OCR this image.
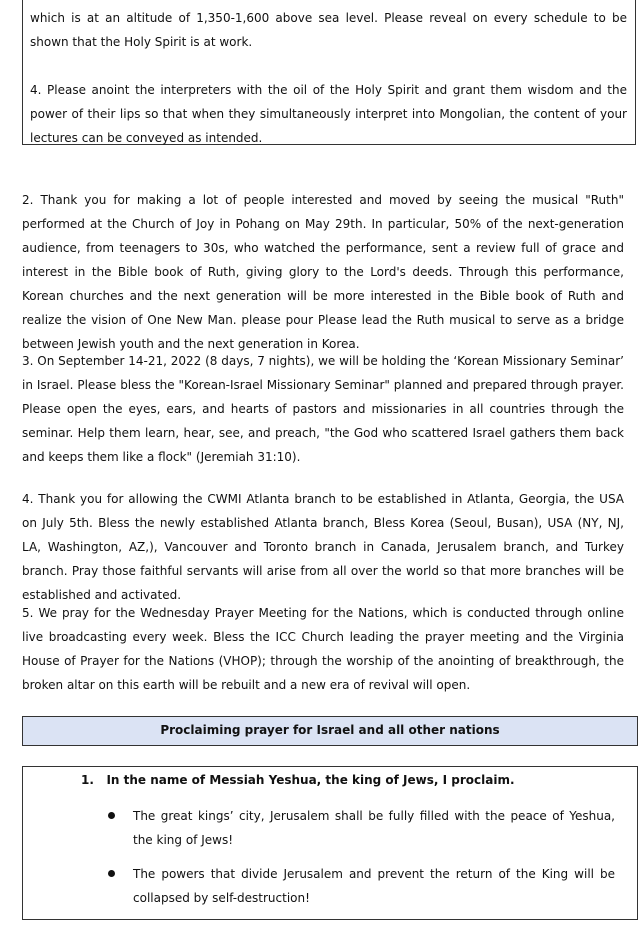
which is at an altitude of 1,350-1,600 above sea level. Please reveal on every schedule to be shown that the Holy Spirit is at work.

4. Please anoint the interpreters with the oil of the Holy Spirit and grant them wisdom and the power of their lips so that when they simultaneously interpret into Mongolian, the content of your lectures can be conveyed as intended.

2. Thank you for making a lot of people interested and moved by seeing the musical "Ruth" performed at the Church of Joy in Pohang on May 29th. In particular, 50% of the next-generation audience, from teenagers to 30s, who watched the performance, sent a review full of grace and interest in the Bible book of Ruth, giving glory to the Lord's deeds. Through this performance, Korean churches and the next generation will be more interested in the Bible book of Ruth and realize the vision of One New Man. please pour Please lead the Ruth musical to serve as a bridge between Jewish youth and the next generation in Korea.

3. On September 14-21, 2022 (8 days, 7 nights), we will be holding the ‘Korean Missionary Seminar’ in Israel. Please bless the "Korean-Israel Missionary Seminar" planned and prepared through prayer. Please open the eyes, ears, and hearts of pastors and missionaries in all countries through the seminar. Help them learn, hear, see, and preach, "the God who scattered Israel gathers them back and keeps them like a flock" (Jeremiah 31:10).

4. Thank you for allowing the CWMI Atlanta branch to be established in Atlanta, Georgia, the USA on July 5th. Bless the newly established Atlanta branch, Bless Korea (Seoul, Busan), USA (NY, NJ, LA, Washington, AZ,), Vancouver and Toronto branch in Canada, Jerusalem branch, and Turkey branch. Pray those faithful servants will arise from all over the world so that more branches will be established and activated.

5. We pray for the Wednesday Prayer Meeting for the Nations, which is conducted through online live broadcasting every week. Bless the ICC Church leading the prayer meeting and the Virginia House of Prayer for the Nations (VHOP); through the worship of the anointing of breakthrough, the broken altar on this earth will be rebuilt and a new era of revival will open.

Proclaiming prayer for Israel and all other nations
1.   In the name of Messiah Yeshua, the king of Jews, I proclaim.
The great kings’ city, Jerusalem shall be fully filled with the peace of Yeshua, the king of Jews!
The powers that divide Jerusalem and prevent the return of the King will be collapsed by self-destruction!
